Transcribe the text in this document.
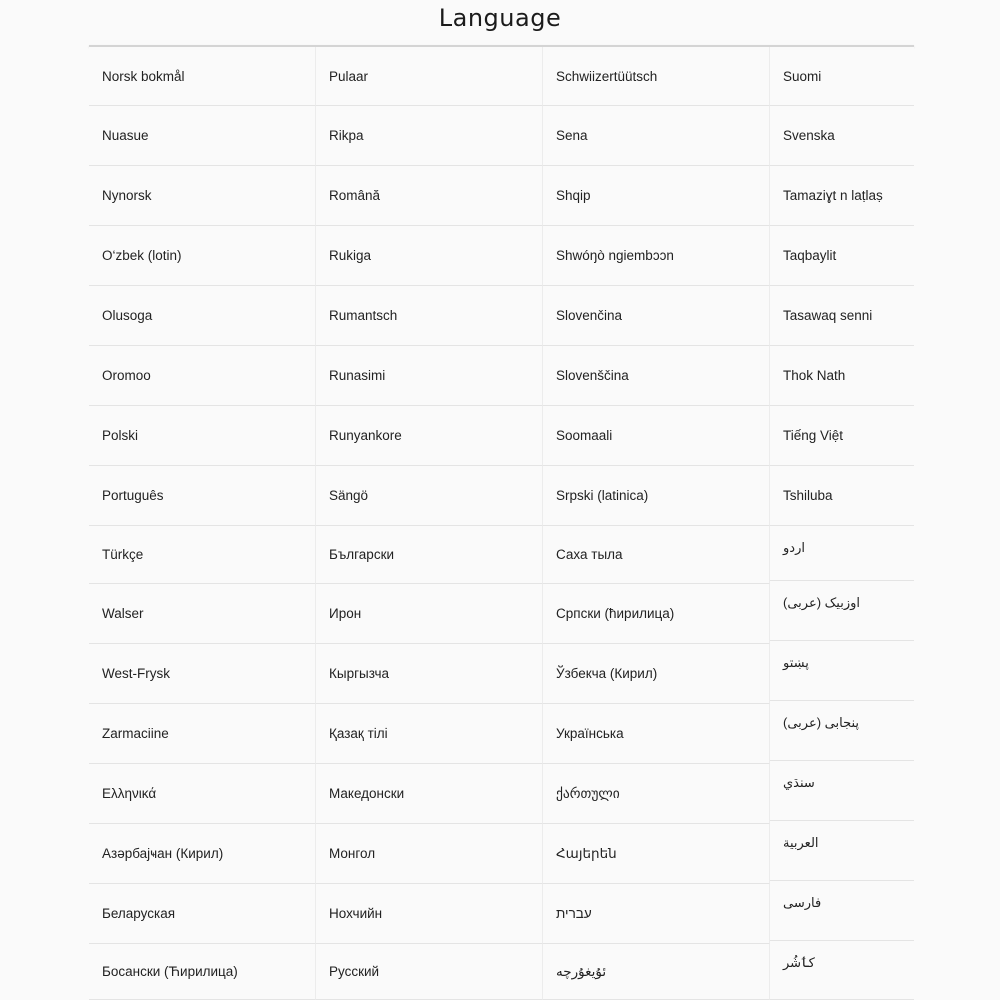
Language
Norsk bokmål
Nuasue
Nynorsk
O‘zbek (lotin)
Olusoga
Oromoo
Polski
Português
Türkçe
Walser
West-Frysk
Zarmaciine
Ελληνικά
Азәрбајҹан (Кирил)
Беларуская
Босански (Ћирилица)
Pulaar
Rikpa
Română
Rukiga
Rumantsch
Runasimi
Runyankore
Sängö
Български
Ирон
Кыргызча
Қазақ тілі
Македонски
Монгол
Нохчийн
Русский
Schwiizertüütsch
Sena
Shqip
Shwóŋò ngiembɔɔn
Slovenčina
Slovenščina
Soomaali
Srpski (latinica)
Саха тыла
Српски (ћирилица)
Ўзбекча (Кирил)
Українська
ქართული
Հայերեն
עברית
ئۇيغۇرچە
Suomi
Svenska
Tamaziɣt n laṭlaṣ
Taqbaylit
Tasawaq senni
Thok Nath
Tiếng Việt
Tshiluba
اردو
اوزبیک (عربی)
پښتو
پنجابی (عربی)
سنڌي
العربية
فارسی
کٲشُر
